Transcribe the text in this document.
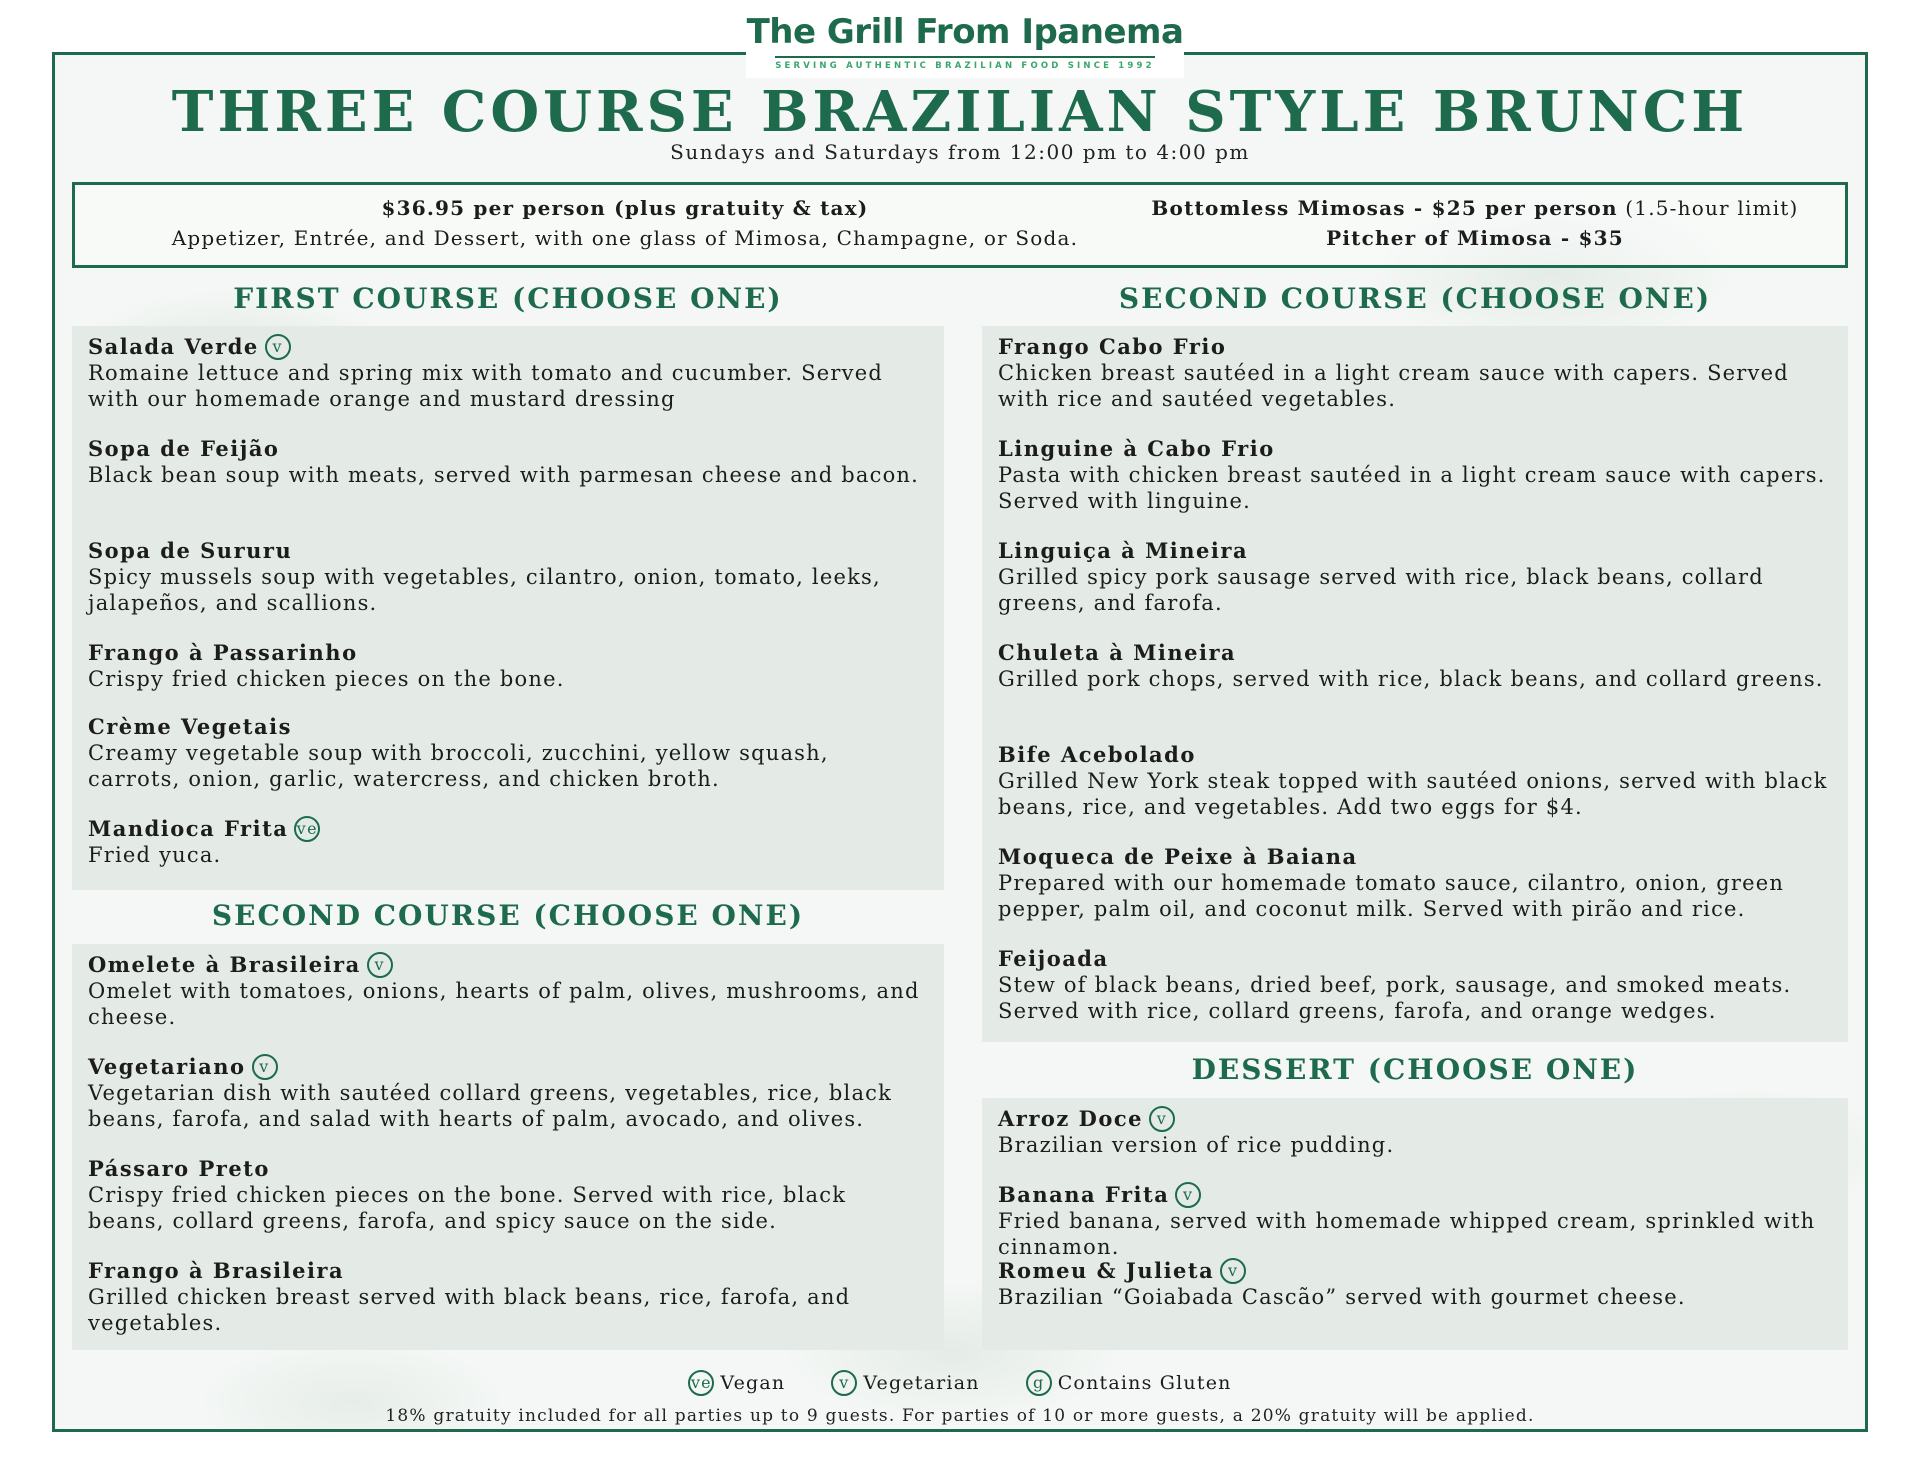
The Grill From Ipanema
SERVING AUTHENTIC BRAZILIAN FOOD SINCE 1992
THREE COURSE BRAZILIAN STYLE BRUNCH
Sundays and Saturdays from 12:00 pm to 4:00 pm
$36.95 per person (plus gratuity & tax)
Appetizer, Entrée, and Dessert, with one glass of Mimosa, Champagne, or Soda.
Bottomless Mimosas - $25 per person (1.5-hour limit)
Pitcher of Mimosa - $35
FIRST COURSE (CHOOSE ONE)
Salada Verde v
Romaine lettuce and spring mix with tomato and cucumber. Served with our homemade orange and mustard dressing
Sopa de Feijão
Black bean soup with meats, served with parmesan cheese and bacon.
Sopa de Sururu
Spicy mussels soup with vegetables, cilantro, onion, tomato, leeks, jalapeños, and scallions.
Frango à Passarinho
Crispy fried chicken pieces on the bone.
Crème Vegetais
Creamy vegetable soup with broccoli, zucchini, yellow squash, carrots, onion, garlic, watercress, and chicken broth.
Mandioca Frita ve
Fried yuca.
SECOND COURSE (CHOOSE ONE)
Omelete à Brasileira v
Omelet with tomatoes, onions, hearts of palm, olives, mushrooms, and cheese.
Vegetariano v
Vegetarian dish with sautéed collard greens, vegetables, rice, black beans, farofa, and salad with hearts of palm, avocado, and olives.
Pássaro Preto
Crispy fried chicken pieces on the bone. Served with rice, black beans, collard greens, farofa, and spicy sauce on the side.
Frango à Brasileira
Grilled chicken breast served with black beans, rice, farofa, and vegetables.
SECOND COURSE (CHOOSE ONE)
Frango Cabo Frio
Chicken breast sautéed in a light cream sauce with capers. Served with rice and sautéed vegetables.
Linguine à Cabo Frio
Pasta with chicken breast sautéed in a light cream sauce with capers. Served with linguine.
Linguiça à Mineira
Grilled spicy pork sausage served with rice, black beans, collard greens, and farofa.
Chuleta à Mineira
Grilled pork chops, served with rice, black beans, and collard greens.
Bife Acebolado
Grilled New York steak topped with sautéed onions, served with black beans, rice, and vegetables. Add two eggs for $4.
Moqueca de Peixe à Baiana
Prepared with our homemade tomato sauce, cilantro, onion, green pepper, palm oil, and coconut milk. Served with pirão and rice.
Feijoada
Stew of black beans, dried beef, pork, sausage, and smoked meats. Served with rice, collard greens, farofa, and orange wedges.
DESSERT (CHOOSE ONE)
Arroz Doce v
Brazilian version of rice pudding.
Banana Frita v
Fried banana, served with homemade whipped cream, sprinkled with cinnamon.
Romeu & Julieta v
Brazilian “Goiabada Cascão” served with gourmet cheese.
ve Vegan	v Vegetarian	g Contains Gluten
18% gratuity included for all parties up to 9 guests. For parties of 10 or more guests, a 20% gratuity will be applied.
